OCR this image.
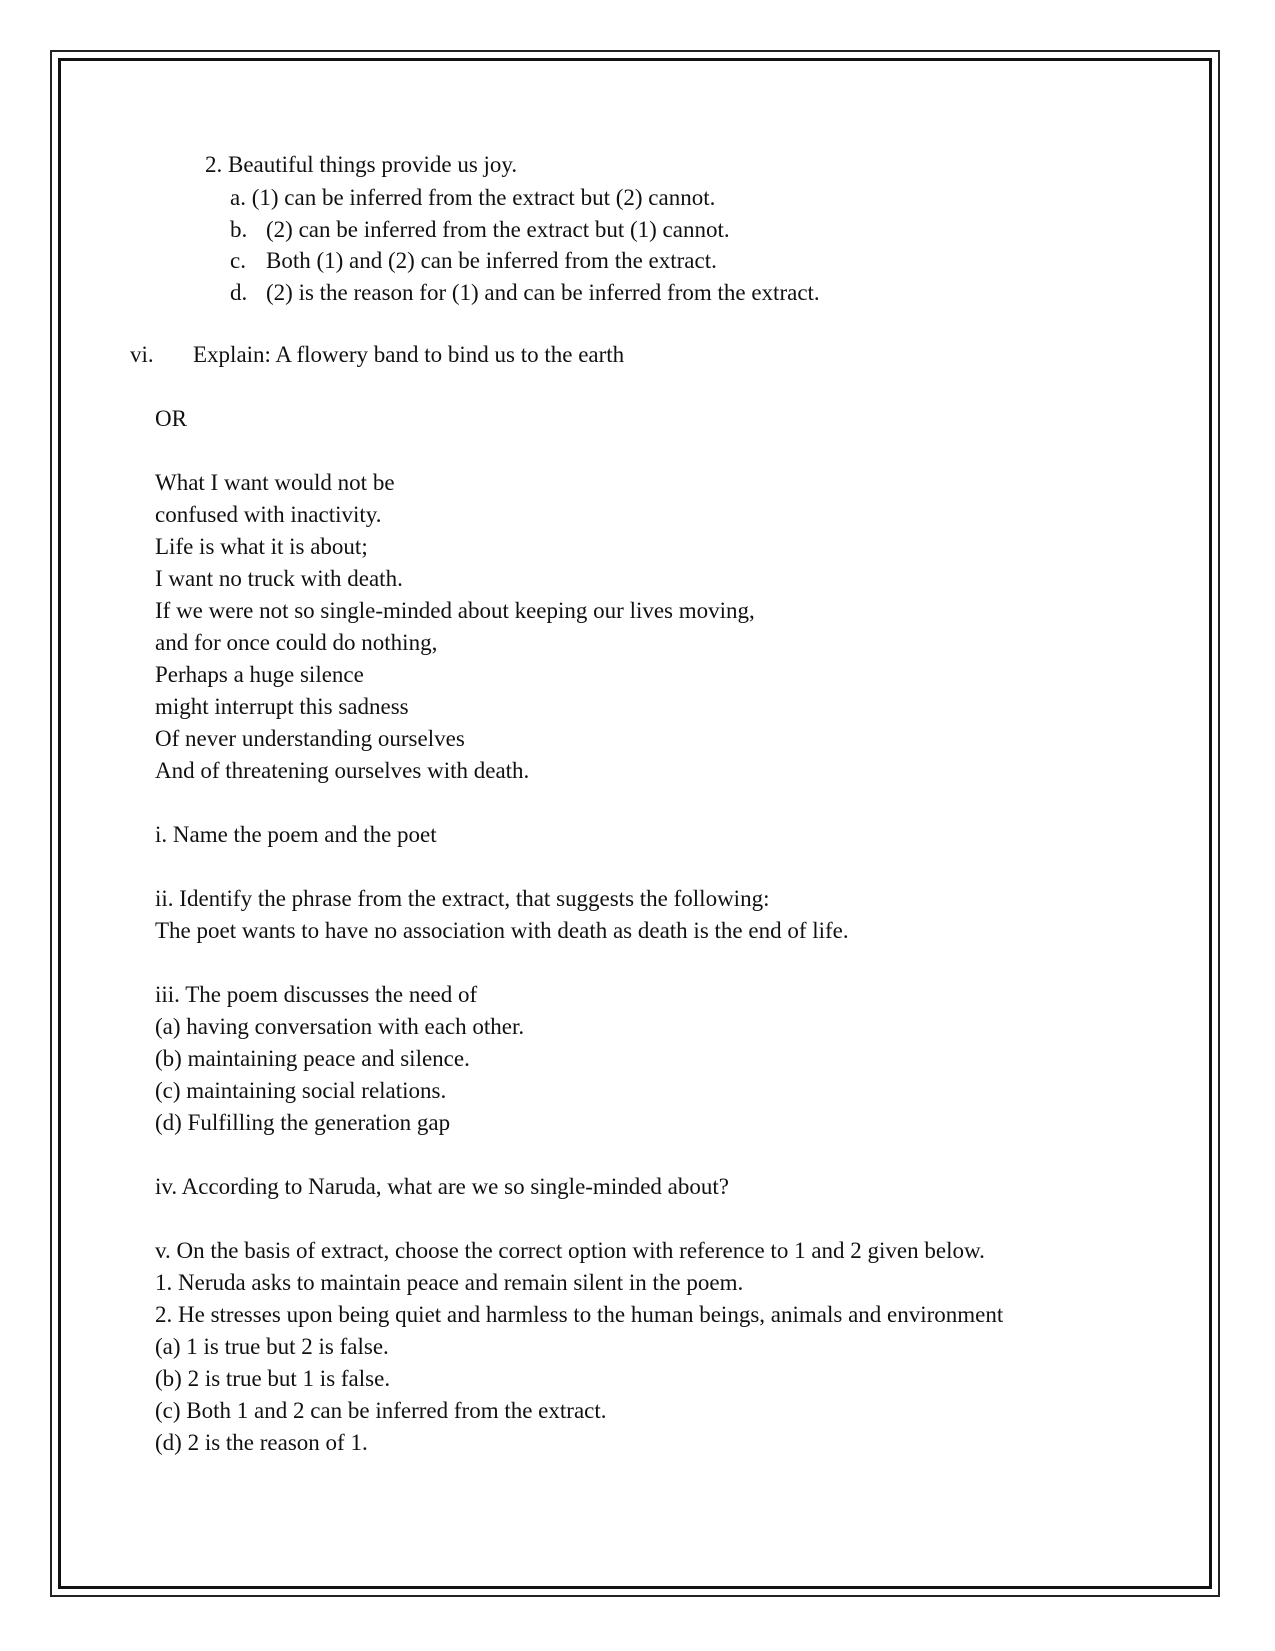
2. Beautiful things provide us joy.
a. (1) can be inferred from the extract but (2) cannot.
b. (2) can be inferred from the extract but (1) cannot.
c. Both (1) and (2) can be inferred from the extract.
d. (2) is the reason for (1) and can be inferred from the extract.
vi. Explain: A flowery band to bind us to the earth
OR
What I want would not be
confused with inactivity.
Life is what it is about;
I want no truck with death.
If we were not so single-minded about keeping our lives moving,
and for once could do nothing,
Perhaps a huge silence
might interrupt this sadness
Of never understanding ourselves
And of threatening ourselves with death.
i. Name the poem and the poet
ii. Identify the phrase from the extract, that suggests the following:
The poet wants to have no association with death as death is the end of life.
iii. The poem discusses the need of
(a) having conversation with each other.
(b) maintaining peace and silence.
(c) maintaining social relations.
(d) Fulfilling the generation gap
iv. According to Naruda, what are we so single-minded about?
v. On the basis of extract, choose the correct option with reference to 1 and 2 given below.
1. Neruda asks to maintain peace and remain silent in the poem.
2. He stresses upon being quiet and harmless to the human beings, animals and environment
(a) 1 is true but 2 is false.
(b) 2 is true but 1 is false.
(c) Both 1 and 2 can be inferred from the extract.
(d) 2 is the reason of 1.
